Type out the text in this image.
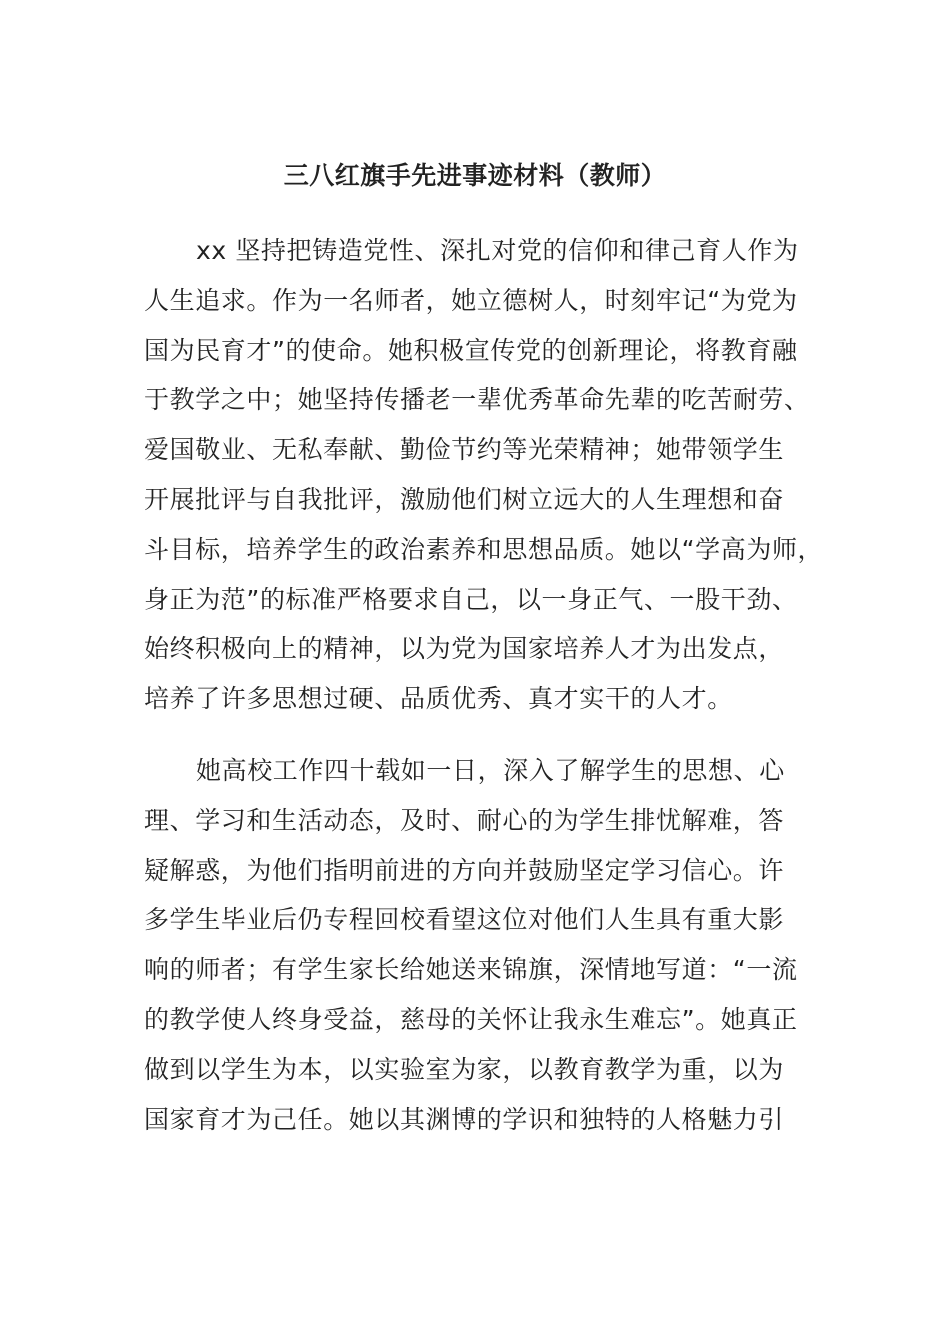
三八红旗手先进事迹材料（教师）
xx 坚持把铸造党性、深扎对党的信仰和律己育人作为
人生追求。作为一名师者，她立德树人，时刻牢记“为党为
国为民育才”的使命。她积极宣传党的创新理论，将教育融
于教学之中；她坚持传播老一辈优秀革命先辈的吃苦耐劳、
爱国敬业、无私奉献、勤俭节约等光荣精神；她带领学生
开展批评与自我批评，激励他们树立远大的人生理想和奋
斗目标，培养学生的政治素养和思想品质。她以“学高为师，
身正为范”的标准严格要求自己，以一身正气、一股干劲、
始终积极向上的精神，以为党为国家培养人才为出发点，
培养了许多思想过硬、品质优秀、真才实干的人才。
她高校工作四十载如一日，深入了解学生的思想、心
理、学习和生活动态，及时、耐心的为学生排忧解难，答
疑解惑，为他们指明前进的方向并鼓励坚定学习信心。许
多学生毕业后仍专程回校看望这位对他们人生具有重大影
响的师者；有学生家长给她送来锦旗，深情地写道：“一流
的教学使人终身受益，慈母的关怀让我永生难忘”。她真正
做到以学生为本，以实验室为家，以教育教学为重，以为
国家育才为己任。她以其渊博的学识和独特的人格魅力引
